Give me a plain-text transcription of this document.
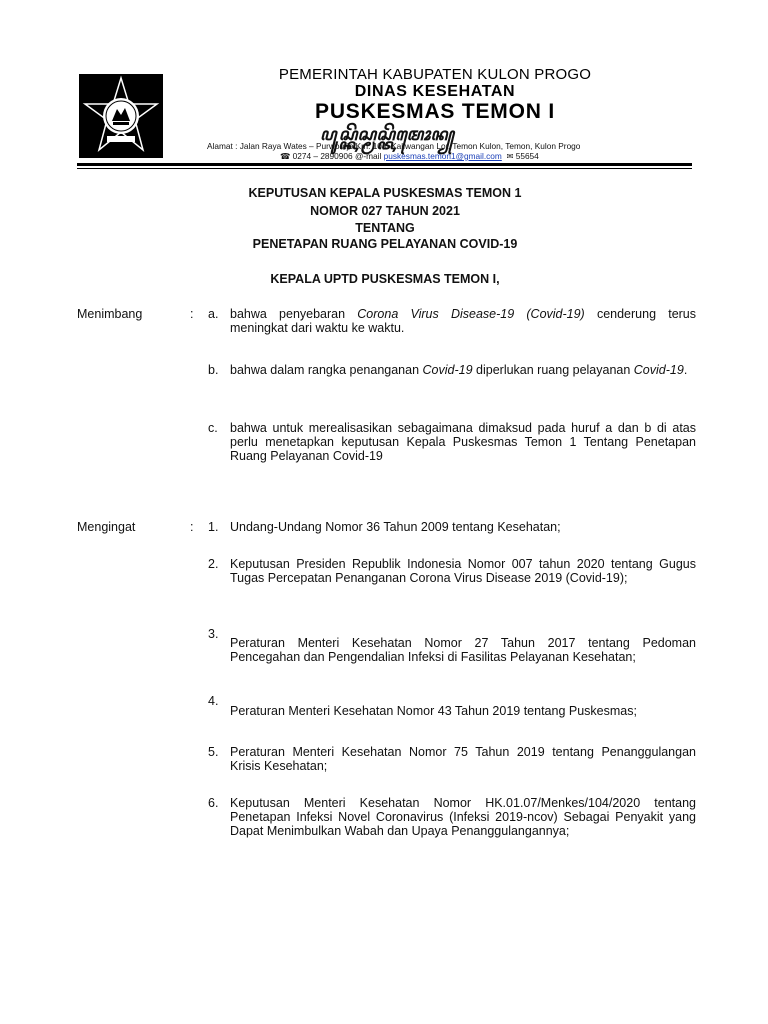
PEMERINTAH KABUPATEN KULON PROGO
DINAS KESEHATAN
PUSKESMAS TEMON I
ꦥꦸꦱ꧀ꦏꦼꦱ꧀ꦩꦱ꧀ꦠꦼꦩꦺꦴꦤ꧀
Alamat : Jalan Raya Wates – Purworejo Km. 10,6 Kaliwangan Lor, Temon Kulon, Temon, Kulon Progo
☎ 0274 – 2890906 @-mail puskesmas.temon1@gmail.com ✉ 55654
KEPUTUSAN KEPALA PUSKESMAS TEMON 1
NOMOR 027 TAHUN 2021
TENTANG
PENETAPAN RUANG PELAYANAN COVID-19
KEPALA UPTD PUSKESMAS TEMON I,
Menimbang	: a. bahwa penyebaran Corona Virus Disease-19 (Covid-19) cenderung terus meningkat dari waktu ke waktu.
b. bahwa dalam rangka penanganan Covid-19 diperlukan ruang pelayanan Covid-19.
c. bahwa untuk merealisasikan sebagaimana dimaksud pada huruf a dan b di atas perlu menetapkan keputusan Kepala Puskesmas Temon 1 Tentang Penetapan Ruang Pelayanan Covid-19
Mengingat	: 1. Undang-Undang Nomor 36 Tahun 2009 tentang Kesehatan;
2. Keputusan Presiden Republik Indonesia Nomor 007 tahun 2020 tentang Gugus Tugas Percepatan Penanganan Corona Virus Disease 2019 (Covid-19);
3.
Peraturan Menteri Kesehatan Nomor 27 Tahun 2017 tentang Pedoman Pencegahan dan Pengendalian Infeksi di Fasilitas Pelayanan Kesehatan;
4.
Peraturan Menteri Kesehatan Nomor 43 Tahun 2019 tentang Puskesmas;
5. Peraturan Menteri Kesehatan Nomor 75 Tahun 2019 tentang Penanggulangan Krisis Kesehatan;
6. Keputusan Menteri Kesehatan Nomor HK.01.07/Menkes/104/2020 tentang Penetapan Infeksi Novel Coronavirus (Infeksi 2019-ncov) Sebagai Penyakit yang Dapat Menimbulkan Wabah dan Upaya Penanggulangannya;
